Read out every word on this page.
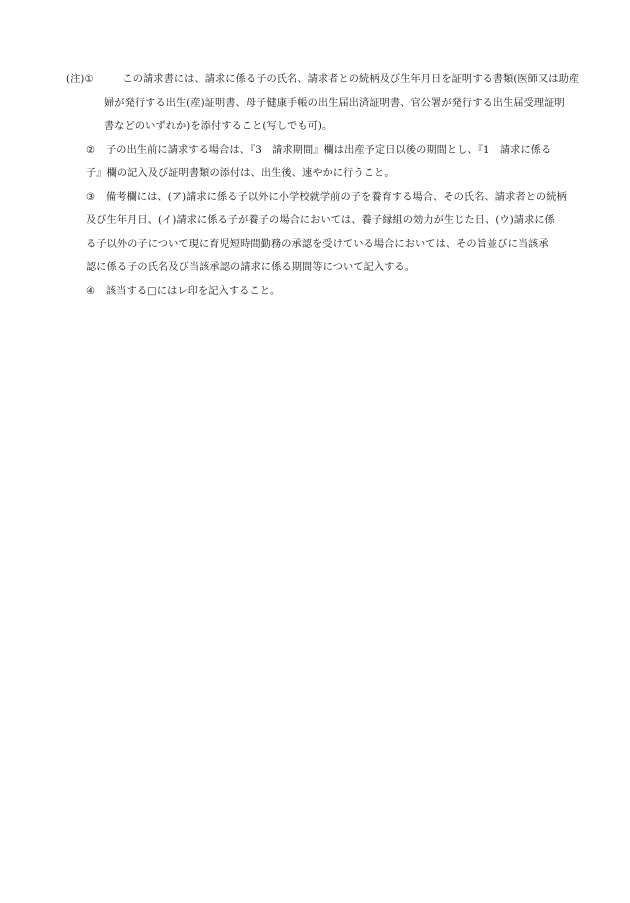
(注)①	この請求書には、請求に係る子の氏名、請求者との続柄及び生年月日を証明する書類(医師又は助産
婦が発行する出生(産)証明書、母子健康手帳の出生届出済証明書、官公署が発行する出生届受理証明
書などのいずれか)を添付すること(写しでも可)。
② 子の出生前に請求する場合は、『3　請求期間』欄は出産予定日以後の期間とし、『1　請求に係る
子』欄の記入及び証明書類の添付は、出生後、速やかに行うこと。
③ 備考欄には、(ア)請求に係る子以外に小学校就学前の子を養育する場合、その氏名、請求者との続柄
及び生年月日、(イ)請求に係る子が養子の場合においては、養子縁組の効力が生じた日、(ウ)請求に係
る子以外の子について現に育児短時間勤務の承認を受けている場合においては、その旨並びに当該承
認に係る子の氏名及び当該承認の請求に係る期間等について記入する。
④ 該当する□にはレ印を記入すること。
